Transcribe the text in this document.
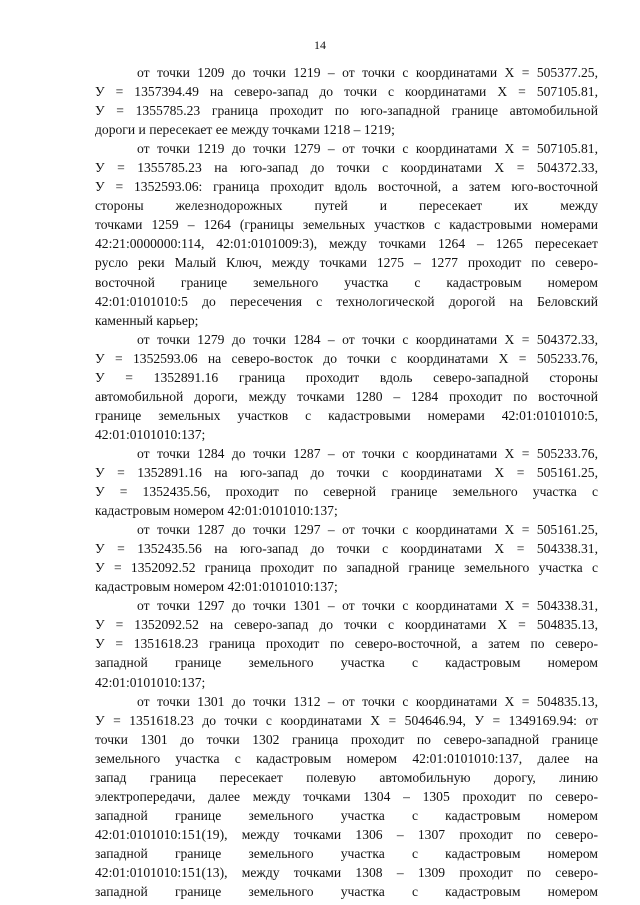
14
от точки 1209 до точки 1219 – от точки с координатами Х = 505377.25,
У = 1357394.49 на северо-запад до точки с координатами Х = 507105.81,
У = 1355785.23 граница проходит по юго-западной границе автомобильной
дороги и пересекает ее между точками 1218 – 1219;
от точки 1219 до точки 1279 – от точки с координатами Х = 507105.81,
У = 1355785.23 на юго-запад до точки с координатами Х = 504372.33,
У = 1352593.06: граница проходит вдоль восточной, а затем юго-восточной
стороны железнодорожных путей и пересекает их между
точками 1259 – 1264 (границы земельных участков с кадастровыми номерами
42:21:0000000:114, 42:01:0101009:3), между точками 1264 – 1265 пересекает
русло реки Малый Ключ, между точками 1275 – 1277 проходит по северо-
восточной границе земельного участка с кадастровым номером
42:01:0101010:5 до пересечения с технологической дорогой на Беловский
каменный карьер;
от точки 1279 до точки 1284 – от точки с координатами Х = 504372.33,
У = 1352593.06 на северо-восток до точки с координатами Х = 505233.76,
У = 1352891.16 граница проходит вдоль северо-западной стороны
автомобильной дороги, между точками 1280 – 1284 проходит по восточной
границе земельных участков с кадастровыми номерами 42:01:0101010:5,
42:01:0101010:137;
от точки 1284 до точки 1287 – от точки с координатами Х = 505233.76,
У = 1352891.16 на юго-запад до точки с координатами Х = 505161.25,
У = 1352435.56, проходит по северной границе земельного участка с
кадастровым номером 42:01:0101010:137;
от точки 1287 до точки 1297 – от точки с координатами Х = 505161.25,
У = 1352435.56 на юго-запад до точки с координатами Х = 504338.31,
У = 1352092.52 граница проходит по западной границе земельного участка с
кадастровым номером 42:01:0101010:137;
от точки 1297 до точки 1301 – от точки с координатами Х = 504338.31,
У = 1352092.52 на северо-запад до точки с координатами Х = 504835.13,
У = 1351618.23 граница проходит по северо-восточной, а затем по северо-
западной границе земельного участка с кадастровым номером
42:01:0101010:137;
от точки 1301 до точки 1312 – от точки с координатами Х = 504835.13,
У = 1351618.23 до точки с координатами Х = 504646.94, У = 1349169.94: от
точки 1301 до точки 1302 граница проходит по северо-западной границе
земельного участка с кадастровым номером 42:01:0101010:137, далее на
запад граница пересекает полевую автомобильную дорогу, линию
электропередачи, далее между точками 1304 – 1305 проходит по северо-
западной границе земельного участка с кадастровым номером
42:01:0101010:151(19), между точками 1306 – 1307 проходит по северо-
западной границе земельного участка с кадастровым номером
42:01:0101010:151(13), между точками 1308 – 1309 проходит по северо-
западной границе земельного участка с кадастровым номером
